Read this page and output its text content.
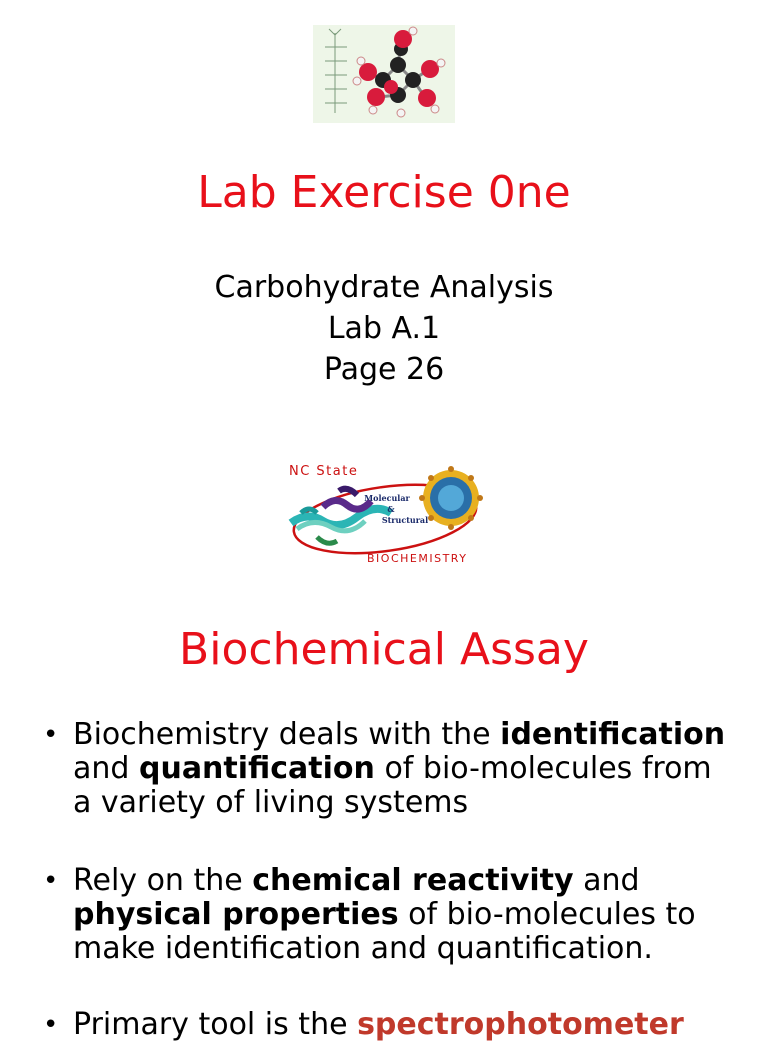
Lab Exercise 0ne
Carbohydrate Analysis
Lab A.1
Page 26
NC State
Molecular
&
Structural
BIOCHEMISTRY
Biochemical Assay
• Biochemistry deals with the identification and quantification of bio-molecules from a variety of living systems
• Rely on the chemical reactivity and physical properties of bio-molecules to make identification and quantification.
• Primary tool is the spectrophotometer
